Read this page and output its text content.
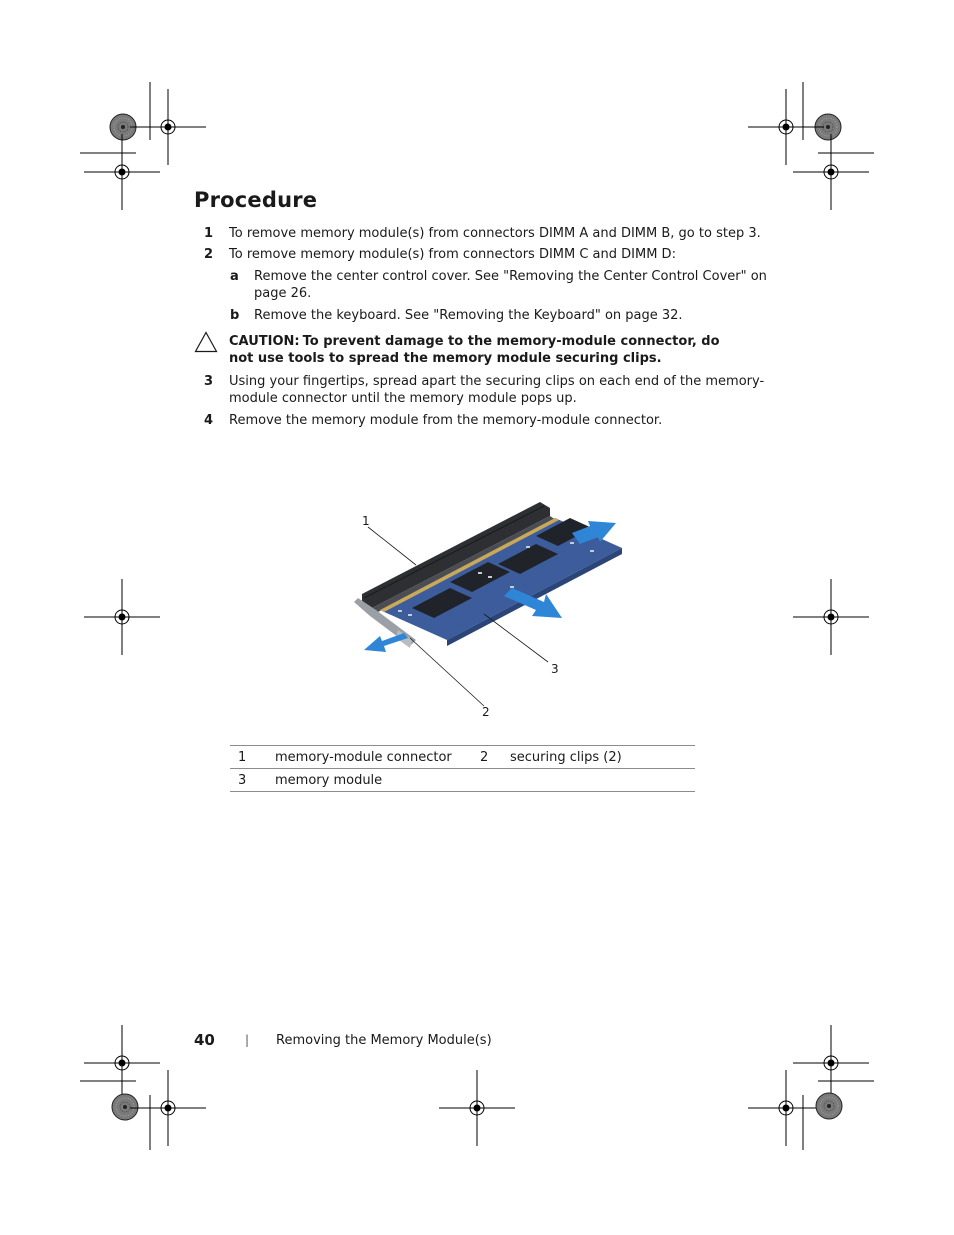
Procedure
1 To remove memory module(s) from connectors DIMM A and DIMM B, go to step 3.
2 To remove memory module(s) from connectors DIMM C and DIMM D:
a Remove the center control cover. See "Removing the Center Control Cover" on
page 26.
b Remove the keyboard. See "Removing the Keyboard" on page 32.
CAUTION: To prevent damage to the memory-module connector, do
not use tools to spread the memory module securing clips.
3 Using your fingertips, spread apart the securing clips on each end of the memory-
module connector until the memory module pops up.
4 Remove the memory module from the memory-module connector.
1
2
3
1	memory-module connector	2	securing clips (2)
3	memory module		
40	| Removing the Memory Module(s)
